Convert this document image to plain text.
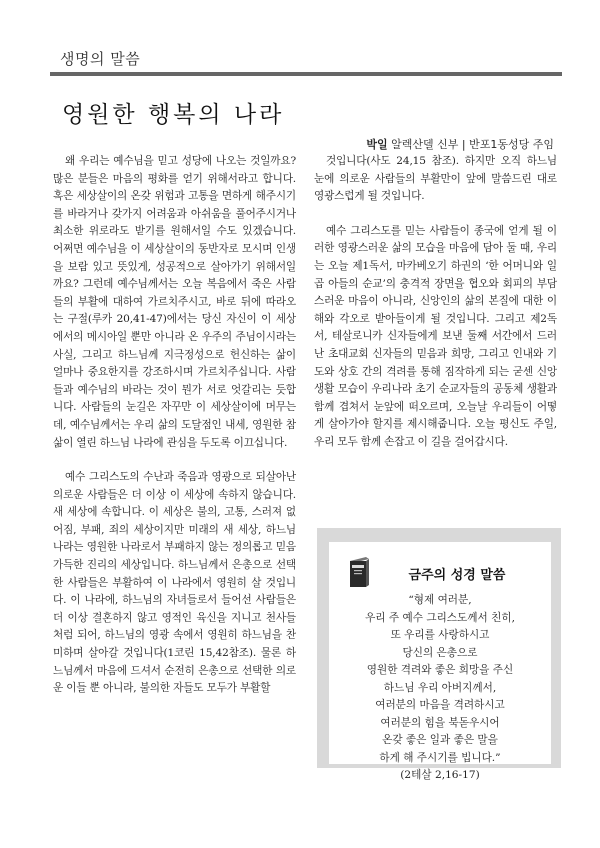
생명의 말씀
영원한 행복의 나라
박일 알렉산델 신부 | 반포1동성당 주임

왜 우리는 예수님을 믿고 성당에 나오는 것일까요? 많은 분들은 마음의 평화를 얻기 위해서라고 합니다. 혹은 세상살이의 온갖 위험과 고통을 면하게 해주시기를 바라거나 갖가지 어려움과 아쉬움을 풀어주시거나 최소한 위로라도 받기를 원해서일 수도 있겠습니다. 어쩌면 예수님을 이 세상살이의 동반자로 모시며 인생을 보람 있고 뜻있게, 성공적으로 살아가기 위해서일까요? 그런데 예수님께서는 오늘 복음에서 죽은 사람들의 부활에 대하여 가르치주시고, 바로 뒤에 따라오는 구절(루카 20,41-47)에서는 당신 자신이 이 세상에서의 메시아일 뿐만 아니라 온 우주의 주님이시라는 사실, 그리고 하느님께 지극정성으로 헌신하는 삶이 얼마나 중요한지를 강조하시며 가르치주십니다. 사람들과 예수님의 바라는 것이 뭔가 서로 엇갈리는 듯합니다. 사람들의 눈길은 자꾸만 이 세상살이에 머무는데, 예수님께서는 우리 삶의 도달점인 내세, 영원한 참 삶이 열린 하느님 나라에 관심을 두도록 이끄십니다.

예수 그리스도의 수난과 죽음과 영광으로 되살아난 의로운 사람들은 더 이상 이 세상에 속하지 않습니다. 새 세상에 속합니다. 이 세상은 불의, 고통, 스러져 없어짐, 부패, 죄의 세상이지만 미래의 새 세상, 하느님 나라는 영원한 나라로서 부패하지 않는 정의롭고 믿음 가득한 진리의 세상입니다. 하느님께서 은총으로 선택한 사람들은 부활하여 이 나라에서 영원히 살 것입니다. 이 나라에, 하느님의 자녀들로서 들어선 사람들은 더 이상 결혼하지 않고 영적인 육신을 지니고 천사들처럼 되어, 하느님의 영광 속에서 영원히 하느님을 찬미하며 살아갈 것입니다(1코린 15,42참조). 물론 하느님께서 마음에 드셔서 순전히 은총으로 선택한 의로운 이들 뿐 아니라, 불의한 자들도 모두가 부활할

것입니다(사도 24,15 참조). 하지만 오직 하느님 눈에 의로운 사람들의 부활만이 앞에 말씀드린 대로 영광스럽게 될 것입니다.

예수 그리스도를 믿는 사람들이 종국에 얻게 될 이러한 영광스러운 삶의 모습을 마음에 담아 둘 때, 우리는 오늘 제1독서, 마카베오기 하권의 ‘한 어머니와 일곱 아들의 순교’의 충격적 장면을 협오와 회피의 부담스러운 마음이 아니라, 신앙인의 삶의 본질에 대한 이해와 각오로 받아들이게 될 것입니다. 그리고 제2독서, 테살로니카 신자들에게 보낸 둘째 서간에서 드러난 초대교회 신자들의 믿음과 희망, 그리고 인내와 기도와 상호 간의 격려를 통해 짐작하게 되는 굳센 신앙생활 모습이 우리나라 초기 순교자들의 공동체 생활과 함께 겹쳐서 눈앞에 떠오르며, 오늘날 우리들이 어떻게 살아가야 할지를 제시해줍니다. 오늘 평신도 주일, 우리 모두 함께 손잡고 이 길을 걸어갑시다.

금주의 성경 말씀
“형제 여러분,
우리 주 예수 그리스도께서 친히,
또 우리를 사랑하시고
당신의 은총으로
영원한 격려와 좋은 희망을 주신
하느님 우리 아버지께서,
여러분의 마음을 격려하시고
여러분의 힘을 북돋우시어
온갖 좋은 일과 좋은 말을
하게 해 주시기를 빕니다.”
(2테살 2,16-17)
